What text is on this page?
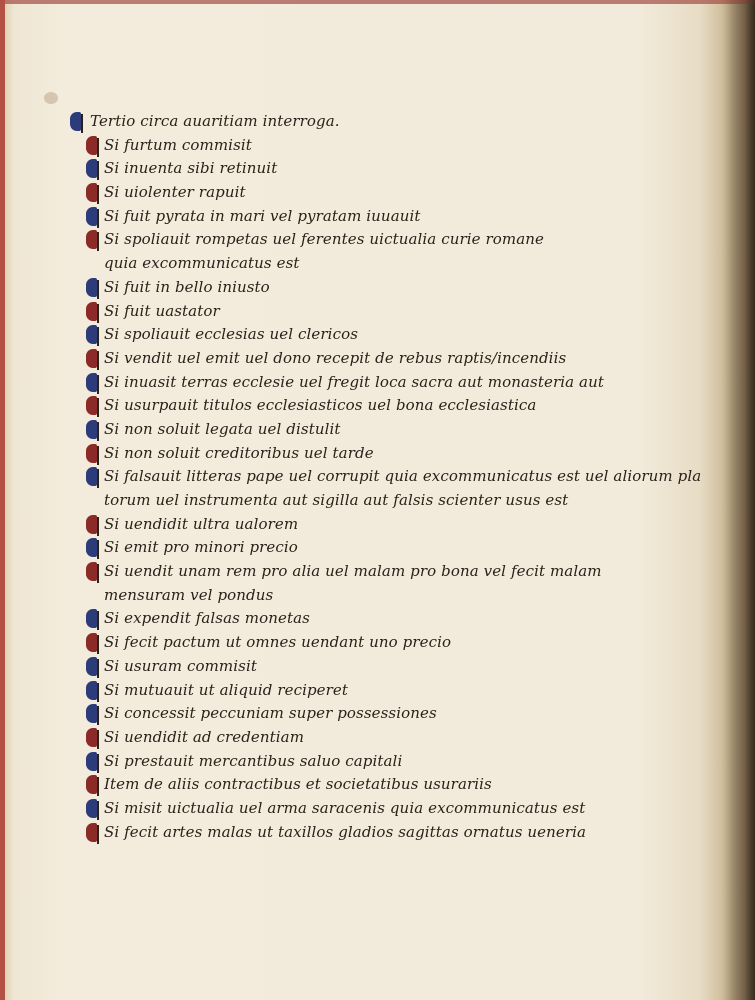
Tertio circa auaritiam interroga.
Si furtum commisit
Si inuenta sibi retinuit
Si uiolenter rapuit
Si fuit pyrata in mari vel pyratam iuuauit
Si spoliauit rompetas uel ferentes uictualia curie romane
quia excommunicatus est
Si fuit in bello iniusto
Si fuit uastator
Si spoliauit ecclesias uel clericos
Si vendit uel emit uel dono recepit de rebus raptis/incendiis
Si inuasit terras ecclesie uel fregit loca sacra aut monasteria aut
Si usurpauit titulos ecclesiasticos uel bona ecclesiastica
Si non soluit legata uel distulit
Si non soluit creditoribus uel tarde
Si falsauit litteras pape uel corrupit quia excommunicatus est uel aliorum pla
torum uel instrumenta aut sigilla aut falsis scienter usus est
Si uendidit ultra ualorem
Si emit pro minori precio
Si uendit unam rem pro alia uel malam pro bona vel fecit malam
mensuram vel pondus
Si expendit falsas monetas
Si fecit pactum ut omnes uendant uno precio
Si usuram commisit
Si mutuauit ut aliquid reciperet
Si concessit peccuniam super possessiones
Si uendidit ad credentiam
Si prestauit mercantibus saluo capitali
Item de aliis contractibus et societatibus usurariis
Si misit uictualia uel arma saracenis quia excommunicatus est
Si fecit artes malas ut taxillos gladios sagittas ornatus ueneria
